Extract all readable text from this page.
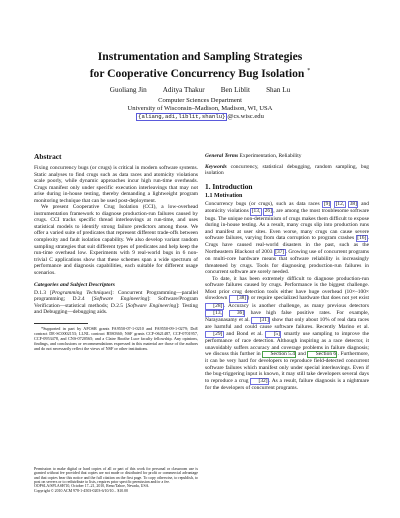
Instrumentation and Sampling Strategies
for Cooperative Concurrency Bug Isolation *
Guoliang Jin Aditya Thakur Ben Liblit Shan Lu
Computer Sciences Department
University of Wisconsin–Madison, Madison, WI, USA
{aliang,adi,liblit,shanlu} @cs.wisc.edu
Abstract

Fixing concurrency bugs (or crugs) is critical in modern software systems. Static analyses to find crugs such as data races and atomicity violations scale poorly, while dynamic approaches incur high run-time overheads. Crugs manifest only under specific execution interleavings that may not arise during in-house testing, thereby demanding a lightweight program monitoring technique that can be used post-deployment.

We present Cooperative Crug Isolation (CCI), a low-overhead instrumentation framework to diagnose production-run failures caused by crugs. CCI tracks specific thread interleavings at run-time, and uses statistical models to identify strong failure predictors among those. We offer a varied suite of predicates that represent different trade-offs between complexity and fault isolation capability. We also develop variant random sampling strategies that suit different types of predicates and help keep the run-time overhead low. Experiments with 9 real-world bugs in 6 non-trivial C applications show that these schemes span a wide spectrum of performance and diagnosis capabilities, each suitable for different usage scenarios.

Categories and Subject Descriptors

D.1.3 [Programming Techniques]: Concurrent Programming—parallel programming; D.2.4 [Software Engineering]: Software/Program Verification—statistical methods; D.2.5 [Software Engineering]: Testing and Debugging—debugging aids.

*Supported in part by AFOSR grants FA9550-07-1-0210 and FA9550-09-1-0279; DoE contract DE-SC0002153; LLNL contract B580360; NSF grants CCF-0621487, CCF-0701957, CCF-0953478, and CNS-0720565; and a Claire Boothe Luce faculty fellowship. Any opinions, findings, and conclusions or recommendations expressed in this material are those of the authors and do not necessarily reflect the views of NSF or other institutions.

Permission to make digital or hard copies of all or part of this work for personal or classroom use is granted without fee provided that copies are not made or distributed for profit or commercial advantage and that copies bear this notice and the full citation on the first page. To copy otherwise, to republish, to post on servers or to redistribute to lists, requires prior specific permission and/or a fee.

OOPSLA/SPLASH'10, October 17–21, 2010, Reno/Tahoe, Nevada, USA.

Copyright © 2010 ACM 978-1-4503-0203-6/10/10... $10.00

General Terms Experimentation, Reliability

Keywords concurrency, statistical debugging, random sampling, bug isolation

1. Introduction
1.1 Motivation

Concurrency bugs (or crugs), such as data races [9] [12, 38] and atomicity violations [13, 26], are among the most troublesome software bugs. The unique non-determinism of crugs makes them difficult to expose during in-house testing. As a result, many crugs slip into production runs and manifest at user sites. Even worse, many crugs can cause severe software failures, varying from data corruption to program crashes [16]. Crugs have caused real-world disasters in the past, such as the Northeastern Blackout of 2003 [37]. Growing use of concurrent programs on multi-core hardware means that software reliability is increasingly threatened by crugs. Tools for diagnosing production-run failures in concurrent software are sorely needed.

To date, it has been extremely difficult to diagnose production-run software failures caused by crugs. Performance is the biggest challenge. Most prior crug detection tools either have huge overhead (10×–100× slowdown [38]) or require specialized hardware that does not yet exist [28]. Accuracy is another challenge, as many previous detectors [13,	36] have high false positive rates. For example, Narayanasamy et al. [31] show that only about 10% of real data races are harmful and could cause software failures. Recently Marino et al. [29] and Bond et al. [5] smartly use sampling to improve the performance of race detection. Although inspiring as a race detector, it unavoidably suffers accuracy and coverage problems in failure diagnosis; we discuss this further in Section 5.4 and Section 6. Furthermore, it can be very hard for developers to reproduce field-detected concurrent software failures which manifest only under special interleavings. Even if the bug-triggering input is known, it may still take developers several days to reproduce a crug [32]. As a result, failure diagnosis is a nightmare for the developers of concurrent programs.
